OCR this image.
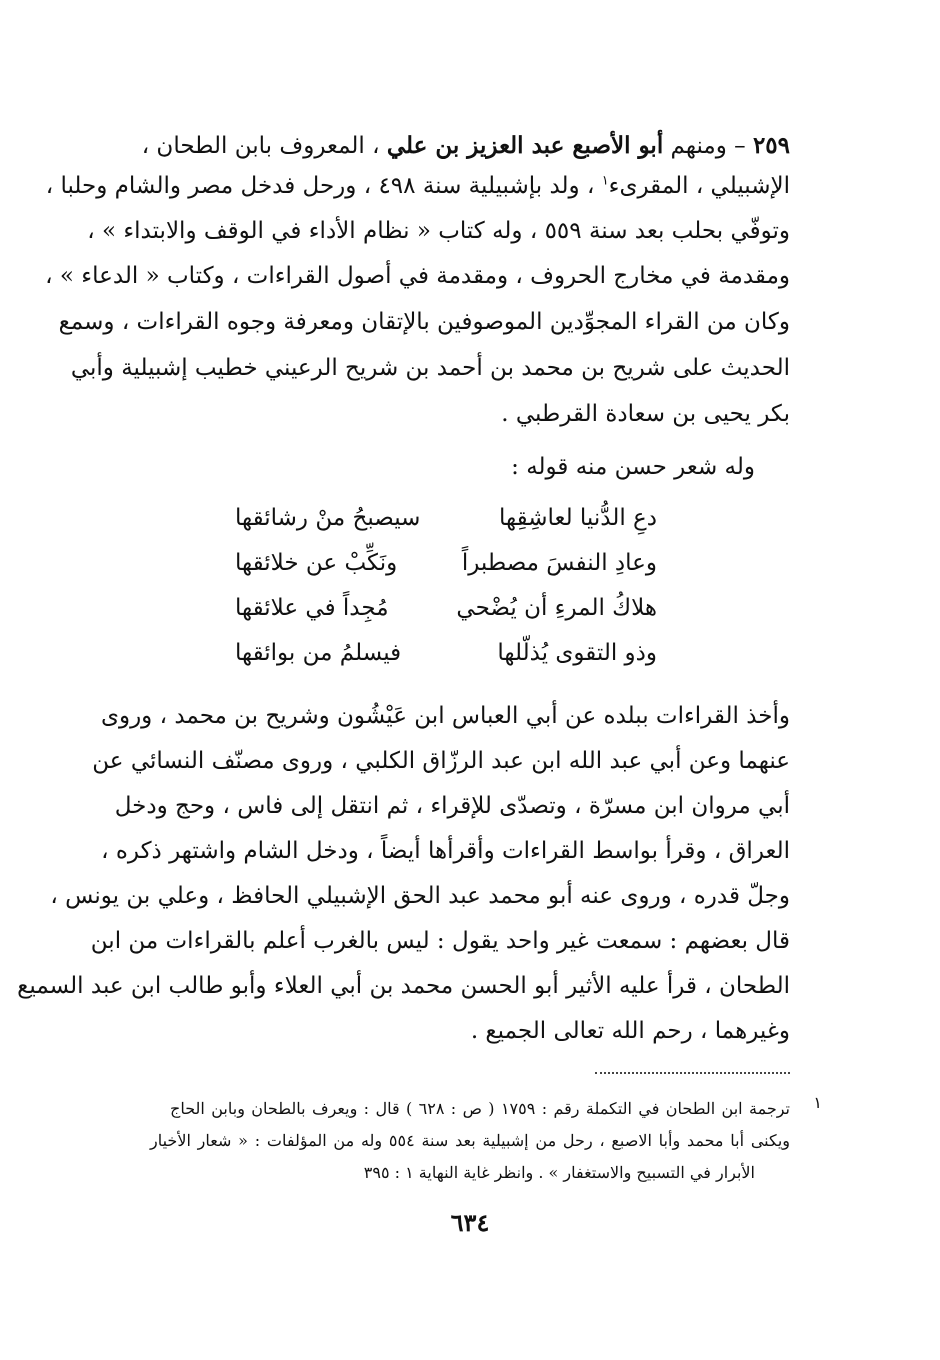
٢٥٩ – ومنهم أبو الأصبع عبد العزيز بن علي ، المعروف بابن الطحان ،
الإشبيلي ، المقرىء$^١$ ، ولد بإشبيلية سنة ٤٩٨ ، ورحل فدخل مصر والشام وحلبا ،
وتوفّي بحلب بعد سنة ٥٥٩ ، وله كتاب « نظام الأداء في الوقف والابتداء » ،
ومقدمة في مخارج الحروف ، ومقدمة في أصول القراءات ، وكتاب « الدعاء » ،
وكان من القراء المجوِّدين الموصوفين بالإتقان ومعرفة وجوه القراءات ، وسمع
الحديث على شريح بن محمد بن أحمد بن شريح الرعيني خطيب إشبيلية وأبي
بكر يحيى بن سعادة القرطبي .
وله شعر حسن منه قوله :
دعِ الدُّنيا لعاشِقِها
سيصبحُ منْ رشائقها
وعادِ النفسَ مصطبراً
ونَكِّبْ عن خلائقها
هلاكُ المرءِ أن يُضْحي
مُجِداً في علائقها
وذو التقوى يُذلّلها
فيسلمُ من بوائقها
وأخذ القراءات ببلده عن أبي العباس ابن عَيْشُون وشريح بن محمد ، وروى
عنهما وعن أبي عبد الله ابن عبد الرزّاق الكلبي ، وروى مصنّف النسائي عن
أبي مروان ابن مسرّة ، وتصدّى للإقراء ، ثم انتقل إلى فاس ، وحج ودخل
العراق ، وقرأ بواسط القراءات وأقرأها أيضاً ، ودخل الشام واشتهر ذكره ،
وجلّ قدره ، وروى عنه أبو محمد عبد الحق الإشبيلي الحافظ ، وعلي بن يونس ،
قال بعضهم : سمعت غير واحد يقول : ليس بالغرب أعلم بالقراءات من ابن
الطحان ، قرأ عليه الأثير أبو الحسن محمد بن أبي العلاء وأبو طالب ابن عبد السميع
وغيرهما ، رحم الله تعالى الجميع .
١
ترجمة ابن الطحان في التكملة رقم : ١٧٥٩ ( ص : ٦٢٨ ) قال : ويعرف بالطحان وبابن الحاج
ويكنى أبا محمد وأبا الاصبع ، رحل من إشبيلية بعد سنة ٥٥٤ وله من المؤلفات : « شعار الأخيار
الأبرار في التسبيح والاستغفار » . وانظر غاية النهاية ١ : ٣٩٥
٦٣٤
